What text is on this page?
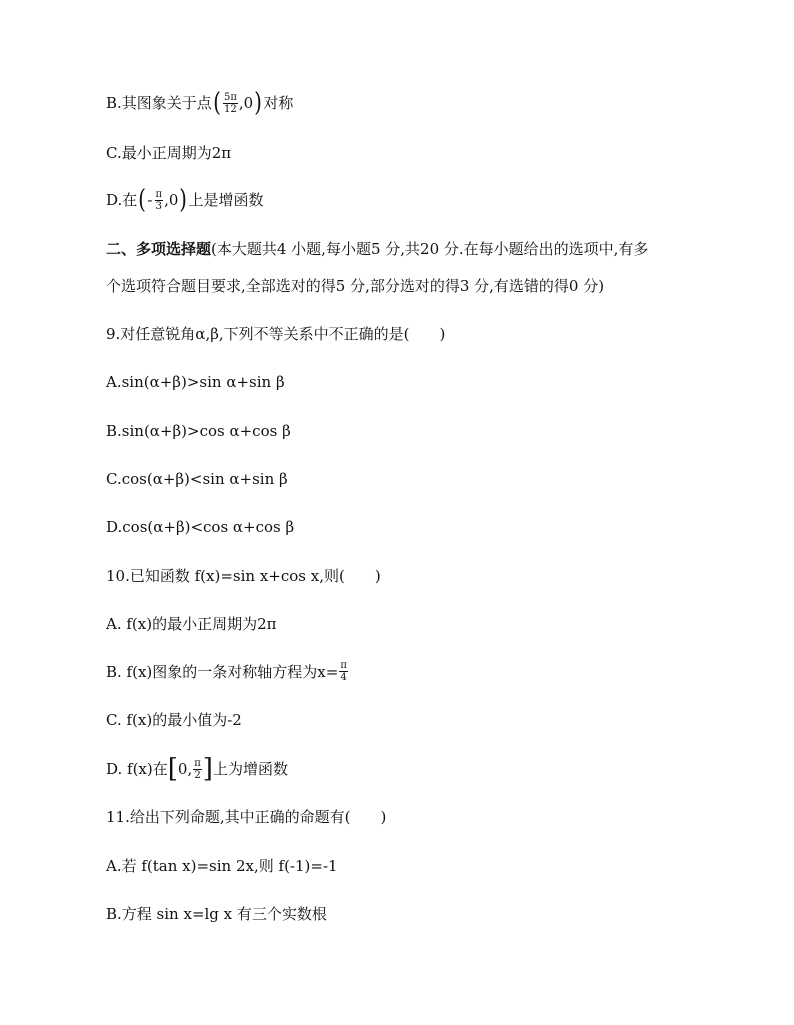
B.其图象关于点 ( $\frac{5\pi}{12} ,0$ ) 对称
C.最小正周期为2π
D.在 ( - $\frac{\pi}{3} ,0$ ) 上是增函数
二、多项选择题 (本大题共4 小题,每小题5 分,共20 分.在每小题给出的选项中,有多
个选项符合题目要求,全部选对的得5 分,部分选对的得3 分,有选错的得0 分)
9.对任意锐角α,β,下列不等关系中不正确的是(　　)
A.sin(α+β)>sin α+sin β
B.sin(α+β)>cos α+cos β
C.cos(α+β)<sin α+sin β
D.cos(α+β)<cos α+cos β
10.已知函数 f(x)=sin x+cos x,则(　　)
A. f(x)的最小正周期为2π
B. f(x)图象的一条对称轴方程为$x= \frac{\pi}{4}$
C. f(x)的最小值为-2
D. f(x)在 [ 0, $\frac{\pi}{2}$ ] 上为增函数
11.给出下列命题,其中正确的命题有(　　)
A.若 f(tan x)=sin 2x,则 f(-1)=-1
B.方程 sin x=lg x 有三个实数根
